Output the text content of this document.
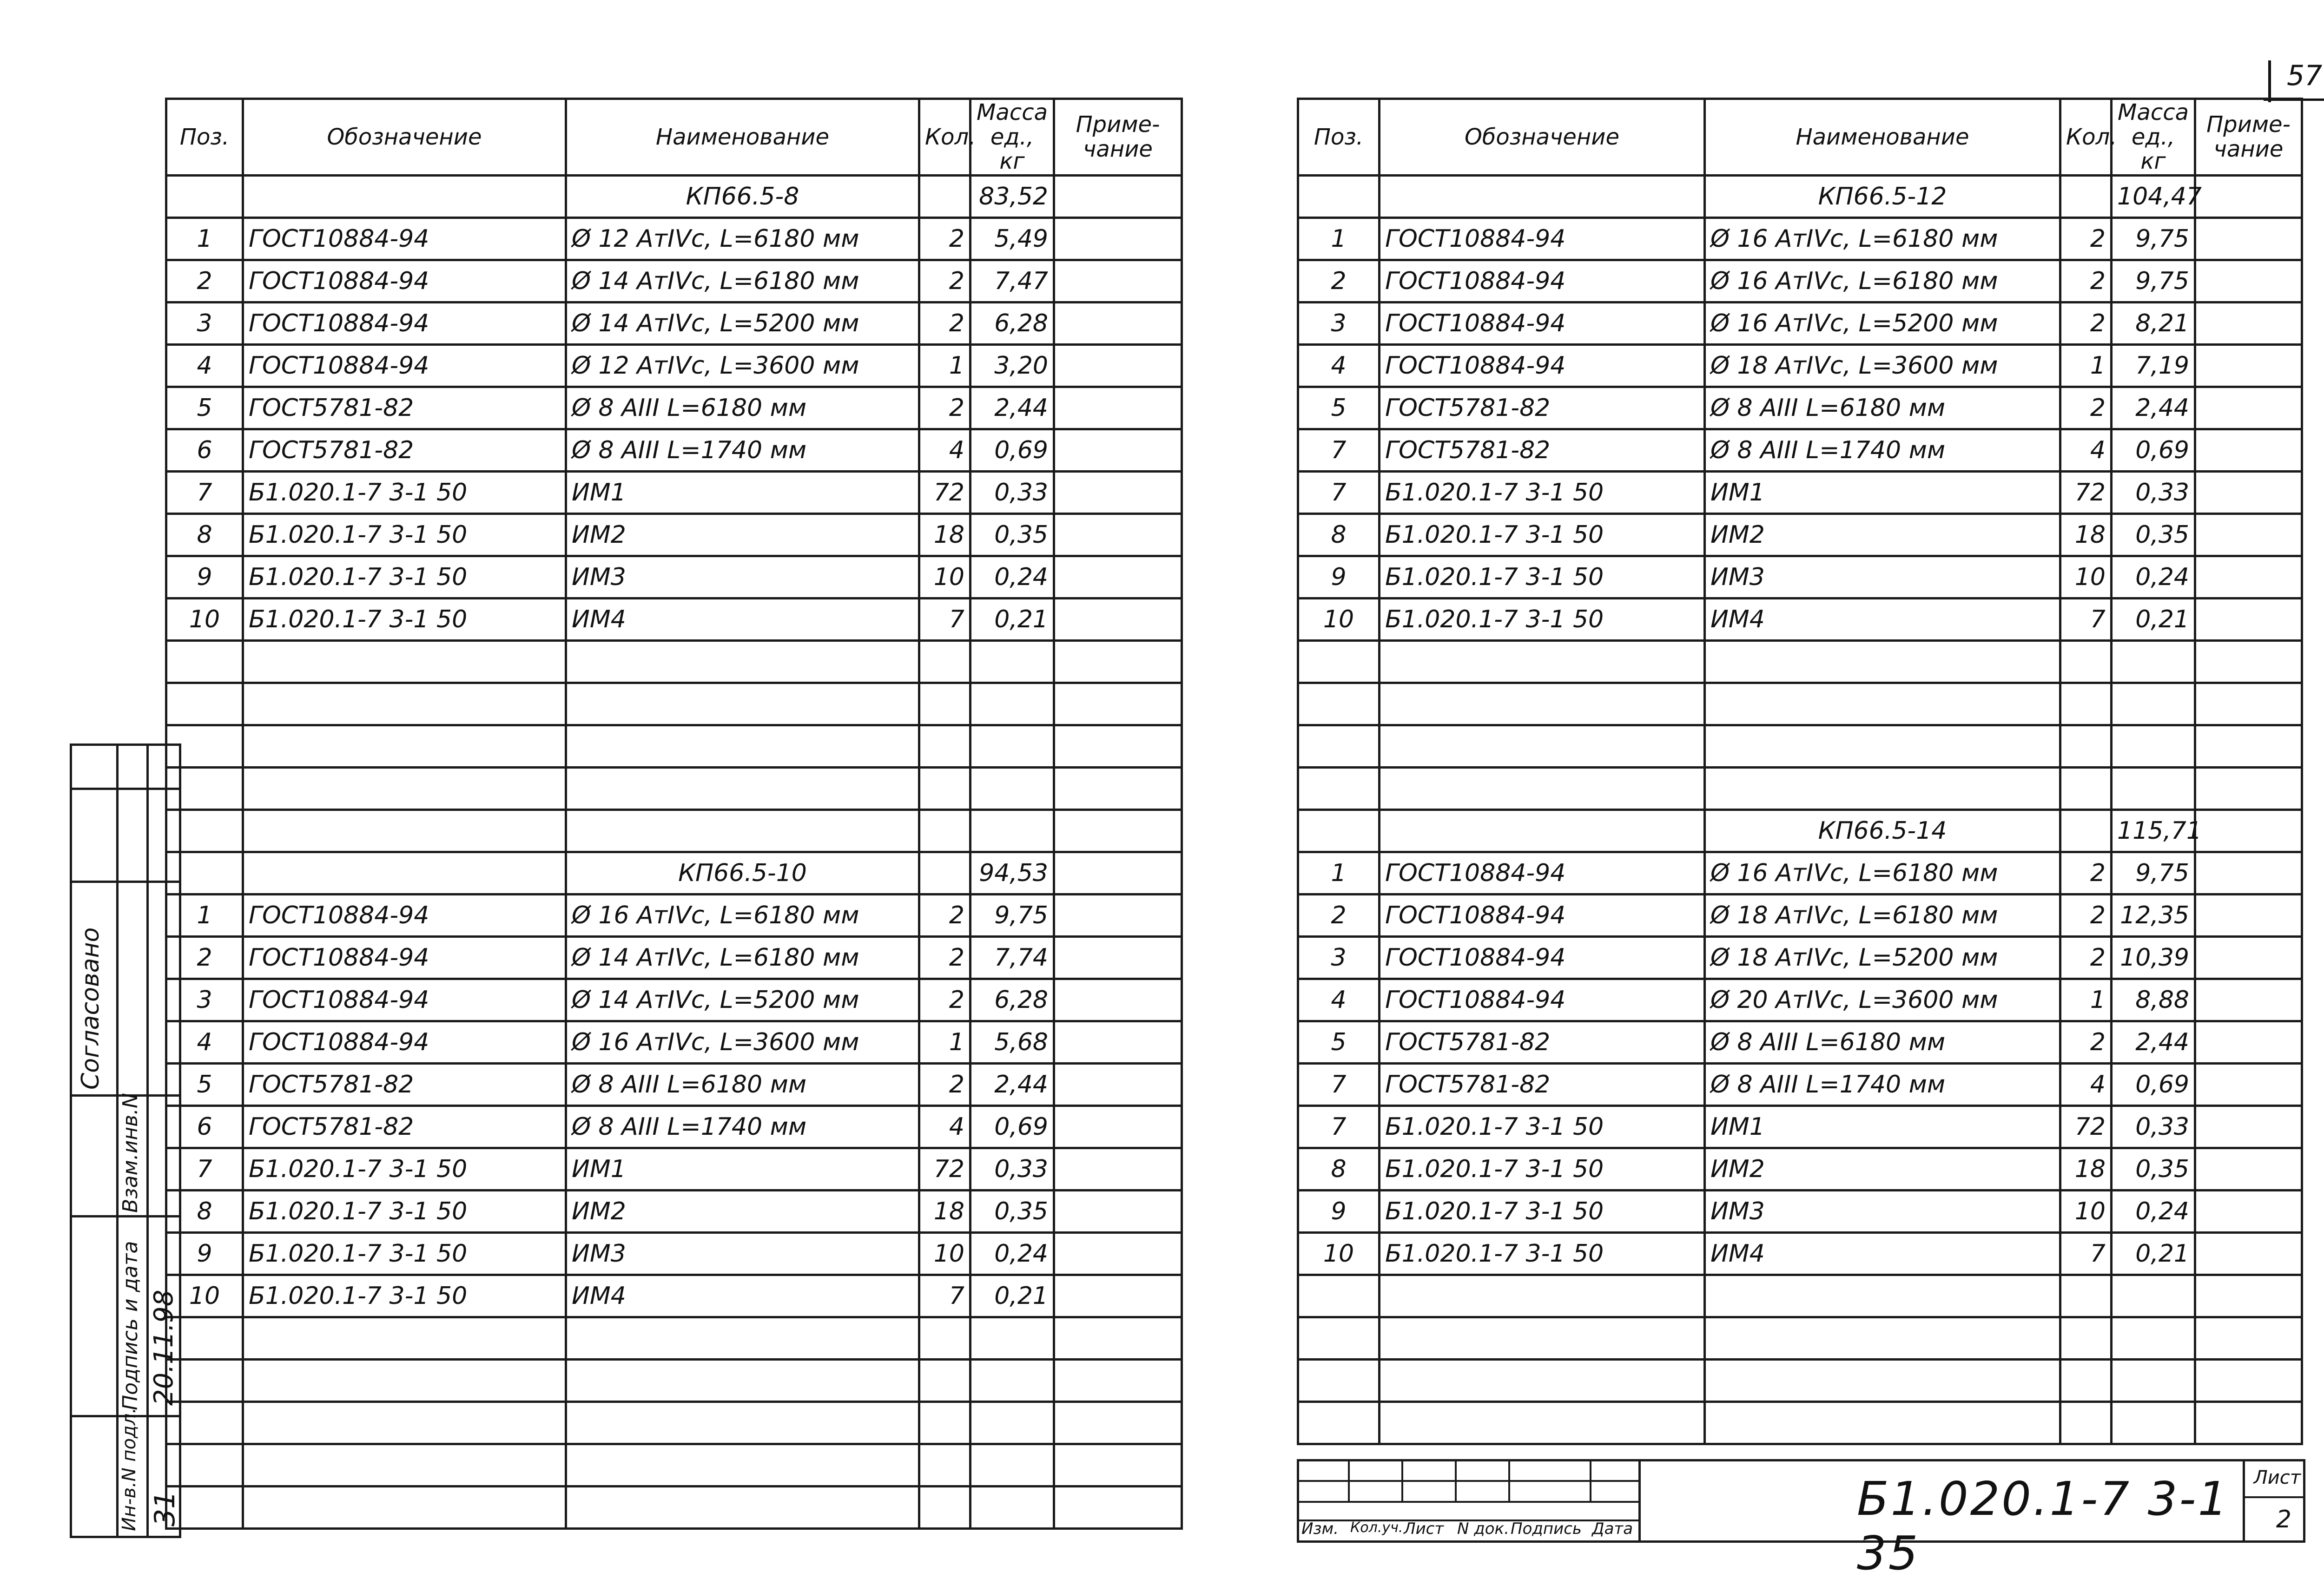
57
Поз.	Обозначение	Наименование	Кол.	Масса ед., кг	Приме- чание
		КП66.5-8		83,52	
1	ГОСТ10884-94	Ø 12 АтIVс, L=6180 мм	2	5,49	
2	ГОСТ10884-94	Ø 14 АтIVс, L=6180 мм	2	7,47	
3	ГОСТ10884-94	Ø 14 АтIVс, L=5200 мм	2	6,28	
4	ГОСТ10884-94	Ø 12 АтIVс, L=3600 мм	1	3,20	
5	ГОСТ5781-82	Ø 8 АIII L=6180 мм	2	2,44	
6	ГОСТ5781-82	Ø 8 АIII L=1740 мм	4	0,69	
7	Б1.020.1-7 3-1 50	ИМ1	72	0,33	
8	Б1.020.1-7 3-1 50	ИМ2	18	0,35	
9	Б1.020.1-7 3-1 50	ИМ3	10	0,24	
10	Б1.020.1-7 3-1 50	ИМ4	7	0,21	

		КП66.5-10		94,53	
1	ГОСТ10884-94	Ø 16 АтIVс, L=6180 мм	2	9,75	
2	ГОСТ10884-94	Ø 14 АтIVс, L=6180 мм	2	7,74	
3	ГОСТ10884-94	Ø 14 АтIVс, L=5200 мм	2	6,28	
4	ГОСТ10884-94	Ø 16 АтIVс, L=3600 мм	1	5,68	
5	ГОСТ5781-82	Ø 8 АIII L=6180 мм	2	2,44	
6	ГОСТ5781-82	Ø 8 АIII L=1740 мм	4	0,69	
7	Б1.020.1-7 3-1 50	ИМ1	72	0,33	
8	Б1.020.1-7 3-1 50	ИМ2	18	0,35	
9	Б1.020.1-7 3-1 50	ИМ3	10	0,24	
10	Б1.020.1-7 3-1 50	ИМ4	7	0,21	

Поз.	Обозначение	Наименование	Кол.	Масса ед., кг	Приме- чание
		КП66.5-12		104,47	
1	ГОСТ10884-94	Ø 16 АтIVс, L=6180 мм	2	9,75	
2	ГОСТ10884-94	Ø 16 АтIVс, L=6180 мм	2	9,75	
3	ГОСТ10884-94	Ø 16 АтIVс, L=5200 мм	2	8,21	
4	ГОСТ10884-94	Ø 18 АтIVс, L=3600 мм	1	7,19	
5	ГОСТ5781-82	Ø 8 АIII L=6180 мм	2	2,44	
7	ГОСТ5781-82	Ø 8 АIII L=1740 мм	4	0,69	
7	Б1.020.1-7 3-1 50	ИМ1	72	0,33	
8	Б1.020.1-7 3-1 50	ИМ2	18	0,35	
9	Б1.020.1-7 3-1 50	ИМ3	10	0,24	
10	Б1.020.1-7 3-1 50	ИМ4	7	0,21	

		КП66.5-14		115,71	
1	ГОСТ10884-94	Ø 16 АтIVс, L=6180 мм	2	9,75	
2	ГОСТ10884-94	Ø 18 АтIVс, L=6180 мм	2	12,35	
3	ГОСТ10884-94	Ø 18 АтIVс, L=5200 мм	2	10,39	
4	ГОСТ10884-94	Ø 20 АтIVс, L=3600 мм	1	8,88	
5	ГОСТ5781-82	Ø 8 АIII L=6180 мм	2	2,44	
7	ГОСТ5781-82	Ø 8 АIII L=1740 мм	4	0,69	
7	Б1.020.1-7 3-1 50	ИМ1	72	0,33	
8	Б1.020.1-7 3-1 50	ИМ2	18	0,35	
9	Б1.020.1-7 3-1 50	ИМ3	10	0,24	
10	Б1.020.1-7 3-1 50	ИМ4	7	0,21	

Согласовано
Взам.инв.N
Подпись и дата
Ин-в.N подл.
20.11.98
31
Изм. Кол.уч. Лист N док. Подпись Дата
Б1.020.1-7 3-1 35
Лист
2
